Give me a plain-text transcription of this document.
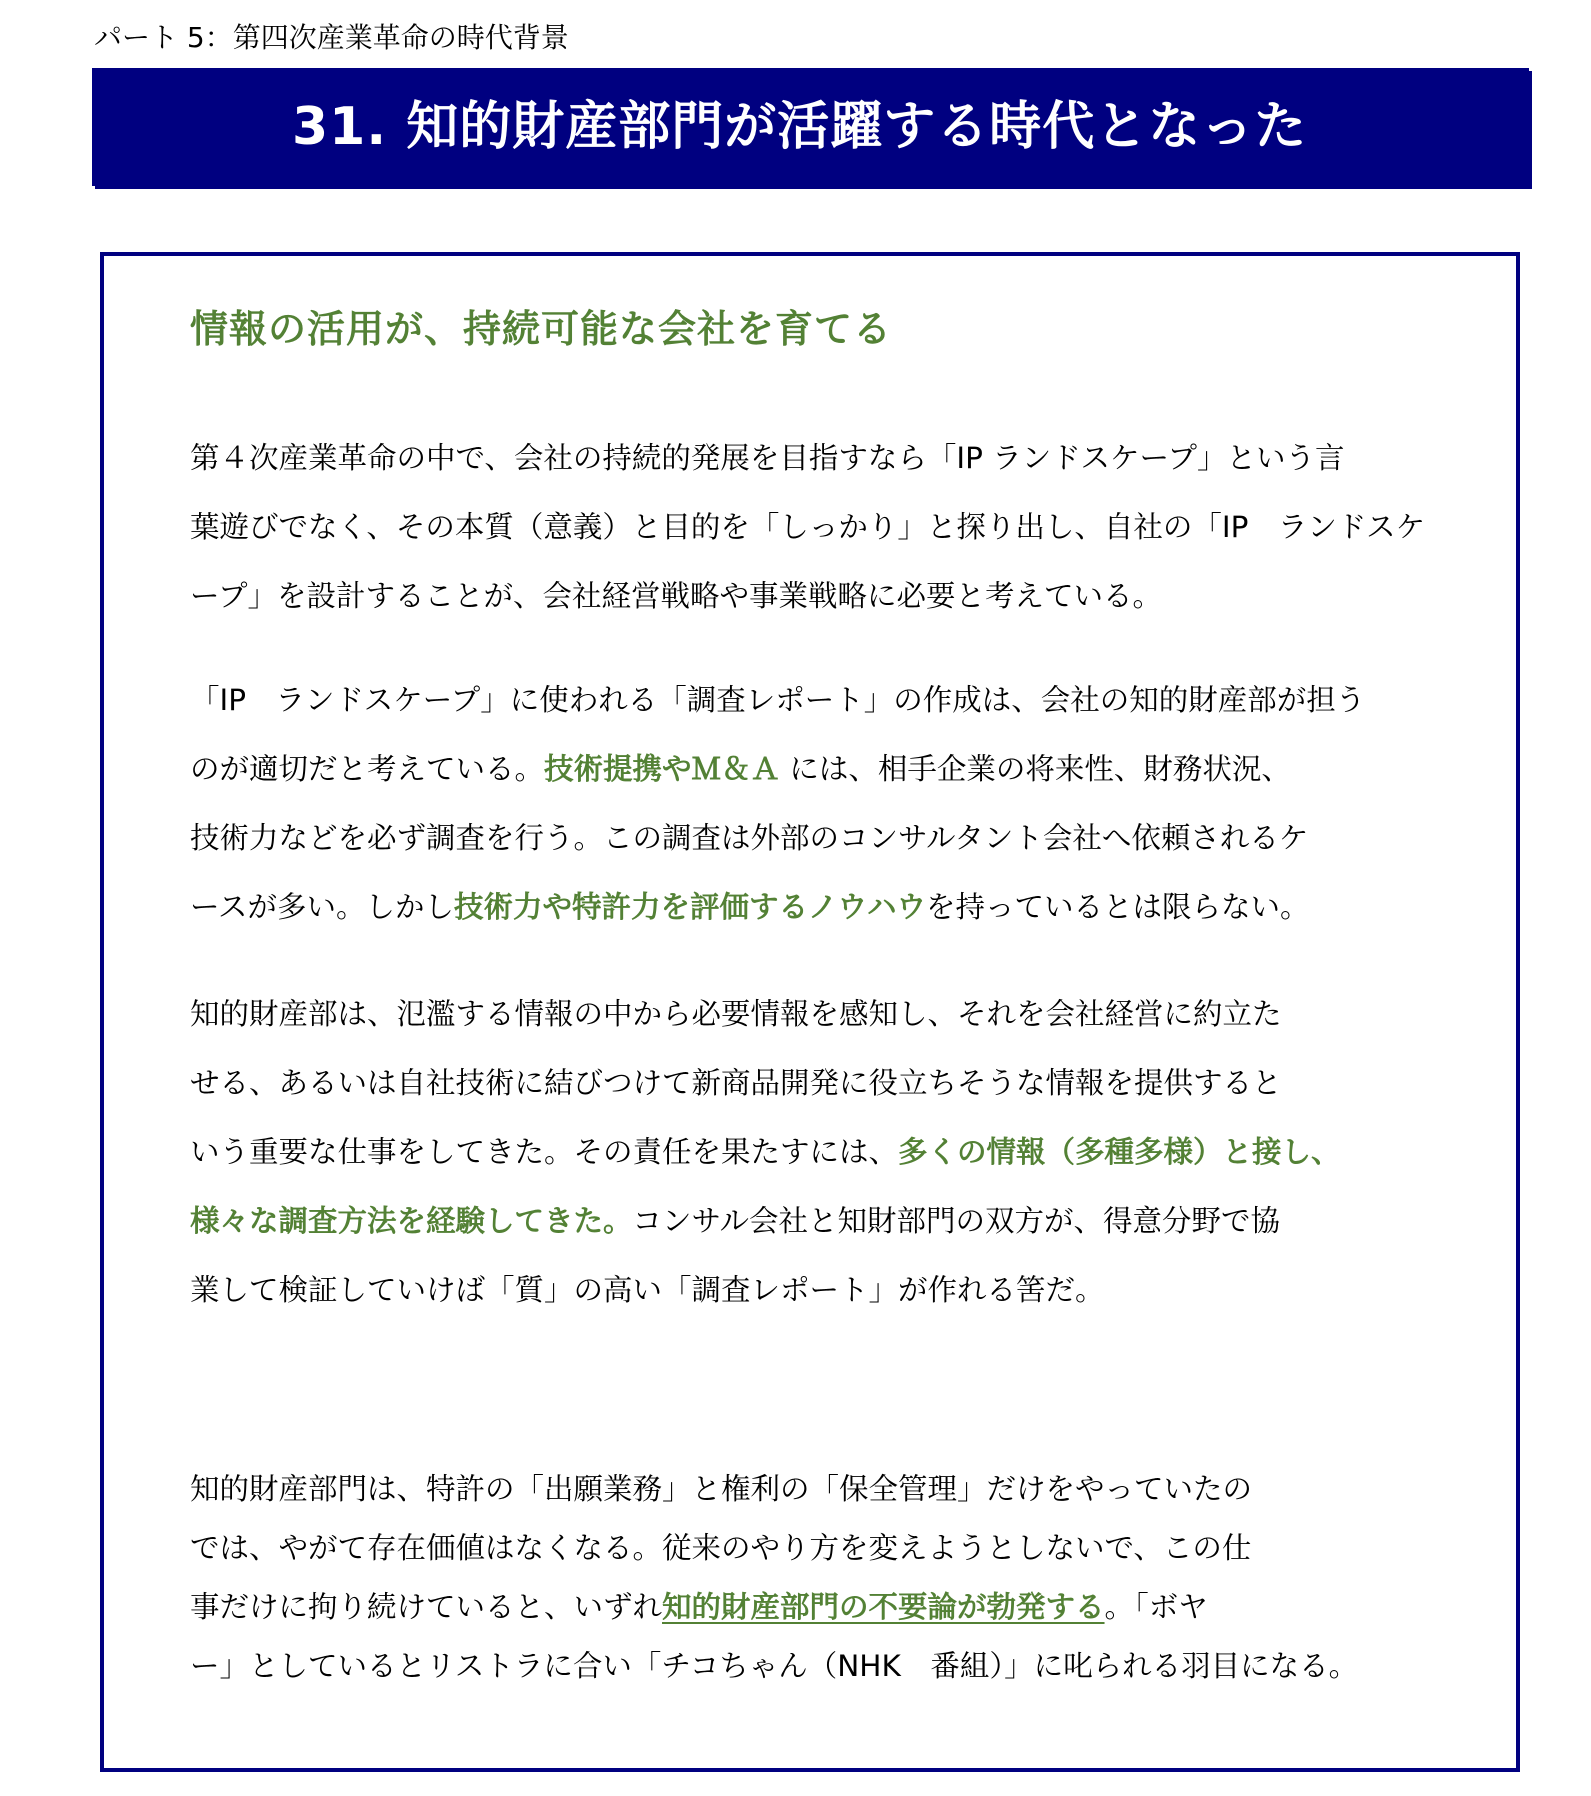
パート 5：第四次産業革命の時代背景
31. 知的財産部門が活躍する時代となった
情報の活用が、持続可能な会社を育てる
第４次産業革命の中で、会社の持続的発展を目指すなら「IP ランドスケープ」という言
葉遊びでなく、その本質（意義）と目的を「しっかり」と探り出し、自社の「IP　ランドスケ
ープ」を設計することが、会社経営戦略や事業戦略に必要と考えている。
「IP　ランドスケープ」に使われる「調査レポート」の作成は、会社の知的財産部が担う
のが適切だと考えている。技術提携やＭ＆Ａ には、相手企業の将来性、財務状況、
技術力などを必ず調査を行う。この調査は外部のコンサルタント会社へ依頼されるケ
ースが多い。しかし技術力や特許力を評価するノウハウを持っているとは限らない。
知的財産部は、氾濫する情報の中から必要情報を感知し、それを会社経営に約立た
せる、あるいは自社技術に結びつけて新商品開発に役立ちそうな情報を提供すると
いう重要な仕事をしてきた。その責任を果たすには、多くの情報（多種多様）と接し、
様々な調査方法を経験してきた。コンサル会社と知財部門の双方が、得意分野で協
業して検証していけば「質」の高い「調査レポート」が作れる筈だ。
知的財産部門は、特許の「出願業務」と権利の「保全管理」だけをやっていたの
では、やがて存在価値はなくなる。従来のやり方を変えようとしないで、この仕
事だけに拘り続けていると、いずれ知的財産部門の不要論が勃発する。「ボヤ
ー」としているとリストラに合い「チコちゃん（NHK　番組）」に叱られる羽目になる。
